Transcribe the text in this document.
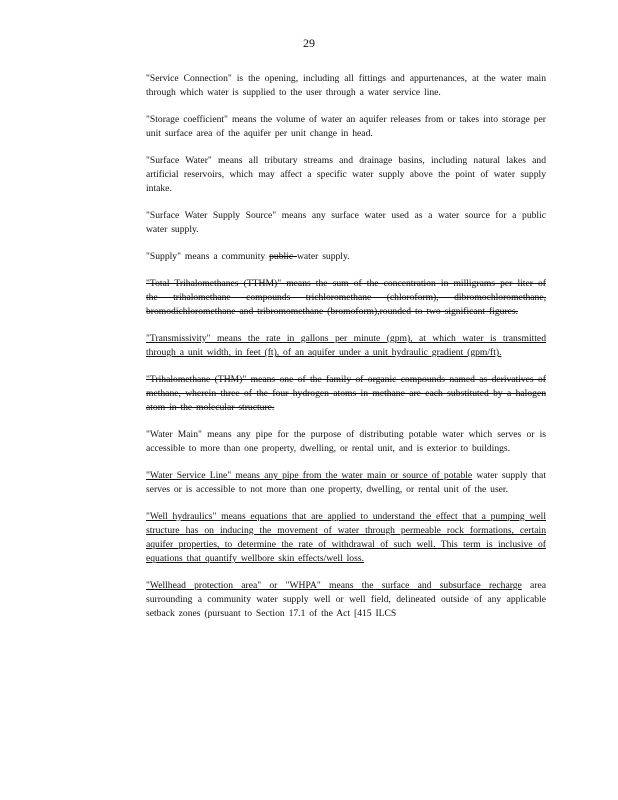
29

"Service Connection" is the opening, including all fittings and appurtenances, at the water main through which water is supplied to the user through a water service line.

"Storage coefficient" means the volume of water an aquifer releases from or takes into storage per unit surface area of the aquifer per unit change in head.

"Surface Water" means all tributary streams and drainage basins, including natural lakes and artificial reservoirs, which may affect a specific water supply above the point of water supply intake.

"Surface Water Supply Source" means any surface water used as a water source for a public water supply.

"Supply" means a community public water supply.

"Total Trihalomethanes (TTHM)" means the sum of the concentration in milligrams per liter of the trihalomethane compounds trichloromethane (chloroform), dibromochloromethane, bromodichloromethane and tribromomethane (bromoform),rounded to two significant figures.

"Transmissivity" means the rate in gallons per minute (gpm), at which water is transmitted through a unit width, in feet (ft), of an aquifer under a unit hydraulic gradient (gpm/ft).

"Trihalomethane (THM)" means one of the family of organic compounds named as derivatives of methane, wherein three of the four hydrogen atoms in methane are each substituted by a halogen atom in the molecular structure.

"Water Main" means any pipe for the purpose of distributing potable water which serves or is accessible to more than one property, dwelling, or rental unit, and is exterior to buildings.

"Water Service Line" means any pipe from the water main or source of potable water supply that serves or is accessible to not more than one property, dwelling, or rental unit of the user.

"Well hydraulics" means equations that are applied to understand the effect that a pumping well structure has on inducing the movement of water through permeable rock formations, certain aquifer properties, to determine the rate of withdrawal of such well. This term is inclusive of equations that quantify wellbore skin effects/well loss.

"Wellhead protection area" or "WHPA" means the surface and subsurface recharge area surrounding a community water supply well or well field, delineated outside of any applicable setback zones (pursuant to Section 17.1 of the Act [415 ILCS
